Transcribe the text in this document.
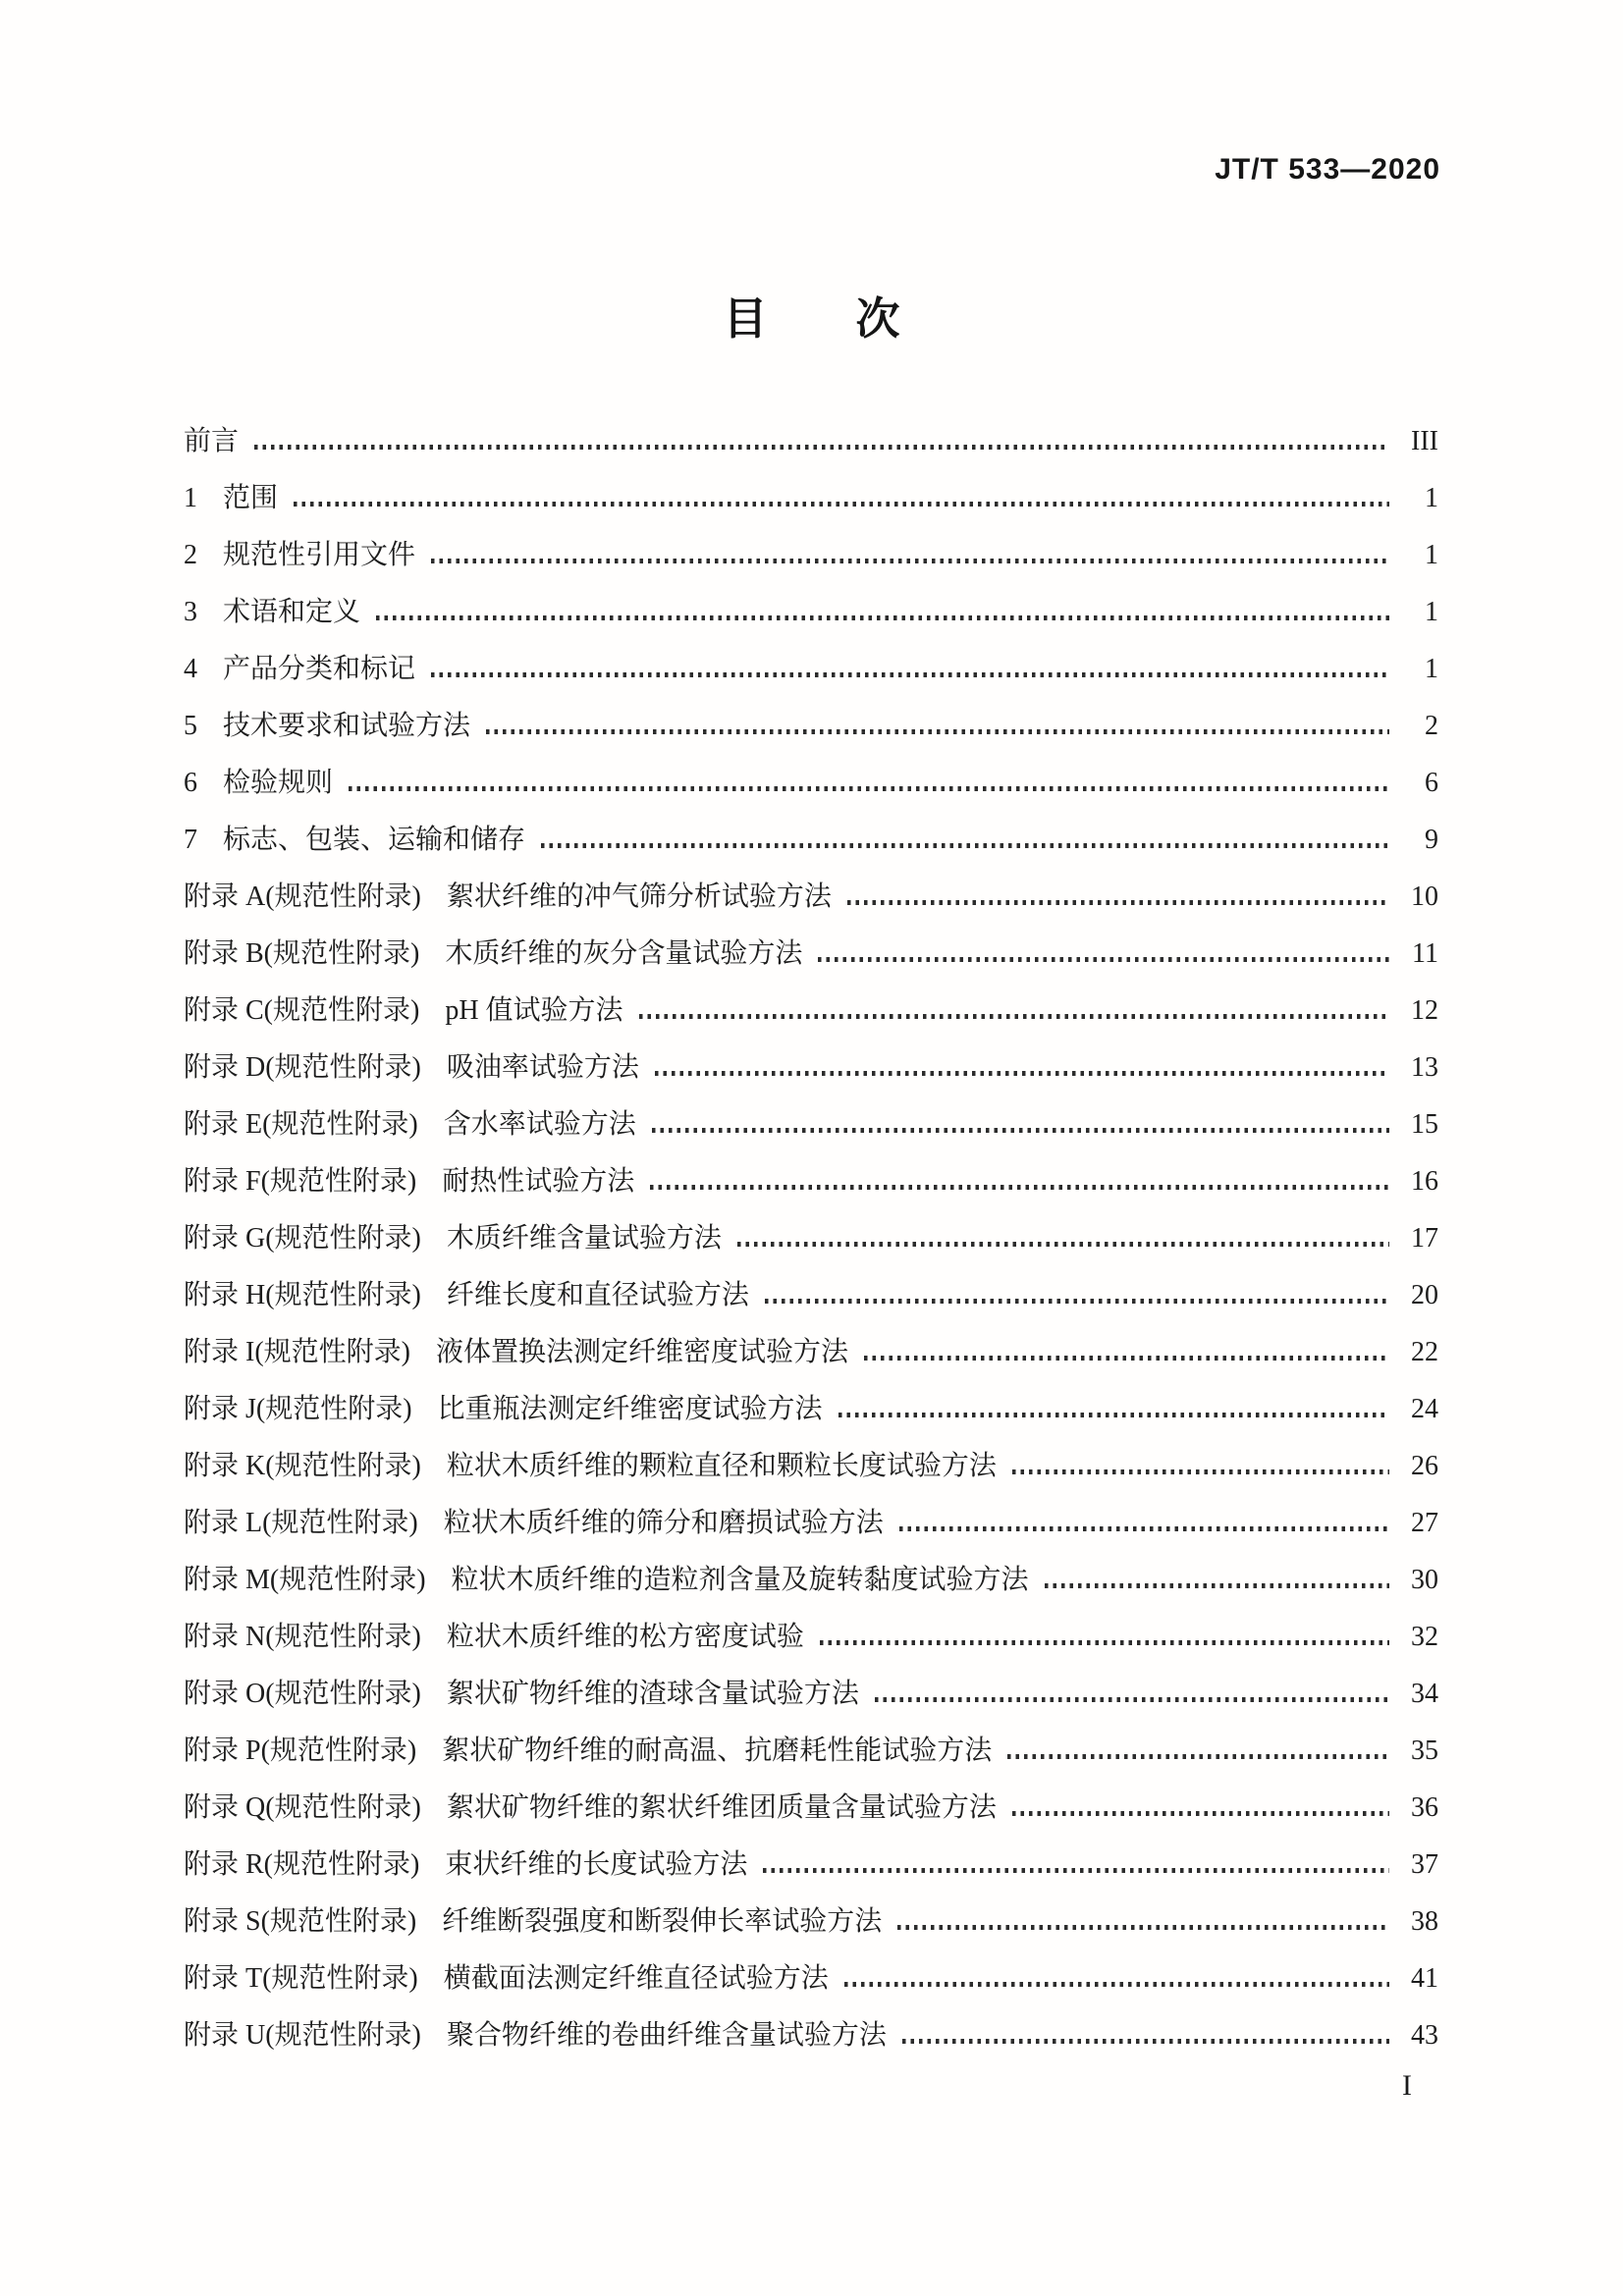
JT/T 533—2020
目　　次
前言	III
1 范围	1
2 规范性引用文件	1
3 术语和定义	1
4 产品分类和标记	1
5 技术要求和试验方法	2
6 检验规则	6
7 标志、包装、运输和储存	9
附录 A(规范性附录) 絮状纤维的冲气筛分析试验方法	10
附录 B(规范性附录) 木质纤维的灰分含量试验方法	11
附录 C(规范性附录) pH 值试验方法	12
附录 D(规范性附录) 吸油率试验方法	13
附录 E(规范性附录) 含水率试验方法	15
附录 F(规范性附录) 耐热性试验方法	16
附录 G(规范性附录) 木质纤维含量试验方法	17
附录 H(规范性附录) 纤维长度和直径试验方法	20
附录 I(规范性附录) 液体置换法测定纤维密度试验方法	22
附录 J(规范性附录) 比重瓶法测定纤维密度试验方法	24
附录 K(规范性附录) 粒状木质纤维的颗粒直径和颗粒长度试验方法	26
附录 L(规范性附录) 粒状木质纤维的筛分和磨损试验方法	27
附录 M(规范性附录) 粒状木质纤维的造粒剂含量及旋转黏度试验方法	30
附录 N(规范性附录) 粒状木质纤维的松方密度试验	32
附录 O(规范性附录) 絮状矿物纤维的渣球含量试验方法	34
附录 P(规范性附录) 絮状矿物纤维的耐高温、抗磨耗性能试验方法	35
附录 Q(规范性附录) 絮状矿物纤维的絮状纤维团质量含量试验方法	36
附录 R(规范性附录) 束状纤维的长度试验方法	37
附录 S(规范性附录) 纤维断裂强度和断裂伸长率试验方法	38
附录 T(规范性附录) 横截面法测定纤维直径试验方法	41
附录 U(规范性附录) 聚合物纤维的卷曲纤维含量试验方法	43
I
